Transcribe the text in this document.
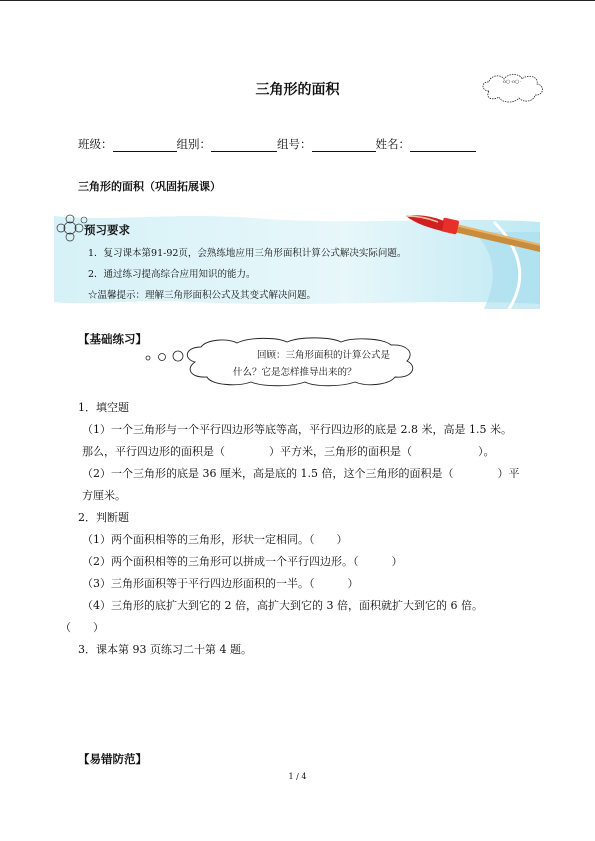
三角形的面积	ο○·ο○·
班级：	组别：	组号：	姓名：
三角形的面积（巩固拓展课）
预习要求
1．复习课本第91-92页，会熟练地应用三角形面积计算公式解决实际问题。
2．通过练习提高综合应用知识的能力。
☆温馨提示：理解三角形面积公式及其变式解决问题。
【基础练习】
回顾：三角形面积的计算公式是
什么？它是怎样推导出来的？
1．填空题
（1）一个三角形与一个平行四边形等底等高，平行四边形的底是 2.8 米，高是 1.5 米。
那么，平行四边形的面积是（　　　　）平方米，三角形的面积是（　　　　　　）。
（2）一个三角形的底是 36 厘米，高是底的 1.5 倍，这个三角形的面积是（　　　　）平
方厘米。
2．判断题
（1）两个面积相等的三角形，形状一定相同。（　　）
（2）两个面积相等的三角形可以拼成一个平行四边形。（　　　）
（3）三角形面积等于平行四边形面积的一半。（　　　）
（4）三角形的底扩大到它的 2 倍，高扩大到它的 3 倍，面积就扩大到它的 6 倍。
（　　）
3．课本第 93 页练习二十第 4 题。
【易错防范】
1 / 4
